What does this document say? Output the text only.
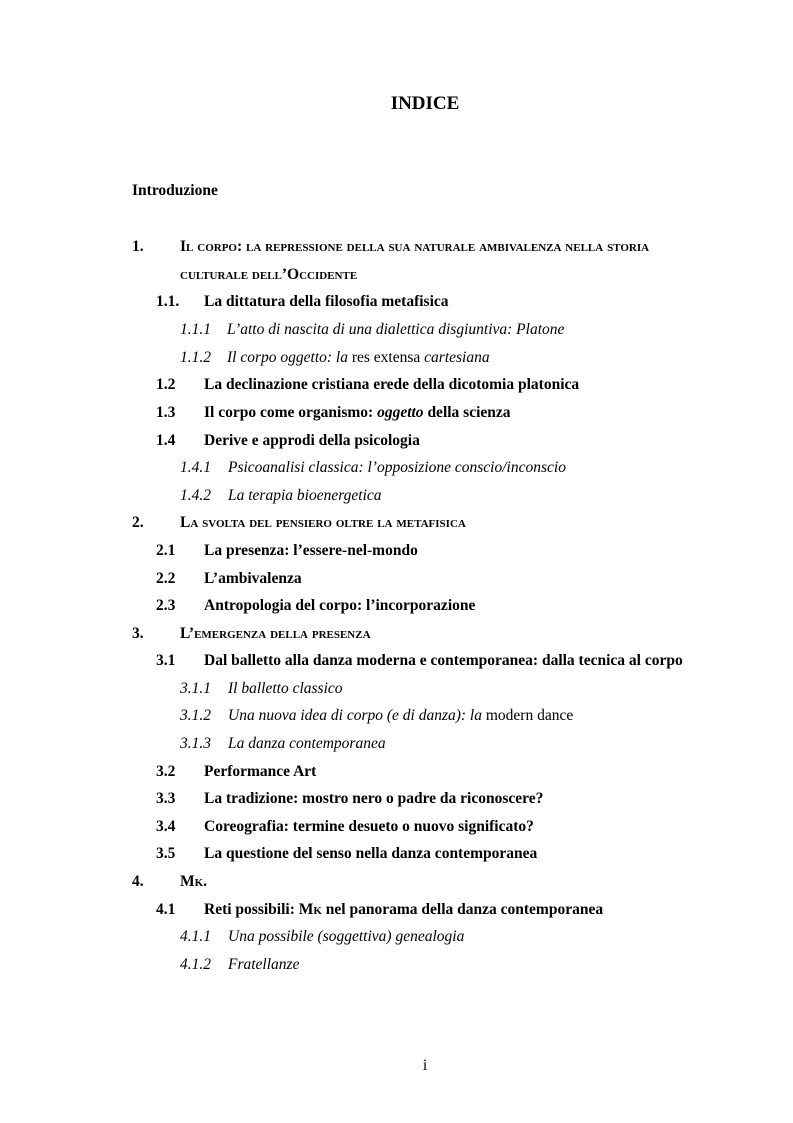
INDICE
Introduzione
1. Il corpo: la repressione della sua naturale ambivalenza nella storia
culturale dell’Occidente
1.1. La dittatura della filosofia metafisica
1.1.1 L’atto di nascita di una dialettica disgiuntiva: Platone
1.1.2 Il corpo oggetto: la res extensa cartesiana
1.2 La declinazione cristiana erede della dicotomia platonica
1.3 Il corpo come organismo: oggetto della scienza
1.4 Derive e approdi della psicologia
1.4.1 Psicoanalisi classica: l’opposizione conscio/inconscio
1.4.2 La terapia bioenergetica
2. La svolta del pensiero oltre la metafisica
2.1 La presenza: l’essere-nel-mondo
2.2 L’ambivalenza
2.3 Antropologia del corpo: l’incorporazione
3. L’emergenza della presenza
3.1 Dal balletto alla danza moderna e contemporanea: dalla tecnica al corpo
3.1.1 Il balletto classico
3.1.2 Una nuova idea di corpo (e di danza): la modern dance
3.1.3 La danza contemporanea
3.2 Performance Art
3.3 La tradizione: mostro nero o padre da riconoscere?
3.4 Coreografia: termine desueto o nuovo significato?
3.5 La questione del senso nella danza contemporanea
4. Mk.
4.1 Reti possibili: Mk nel panorama della danza contemporanea
4.1.1 Una possibile (soggettiva) genealogia
4.1.2 Fratellanze
i
